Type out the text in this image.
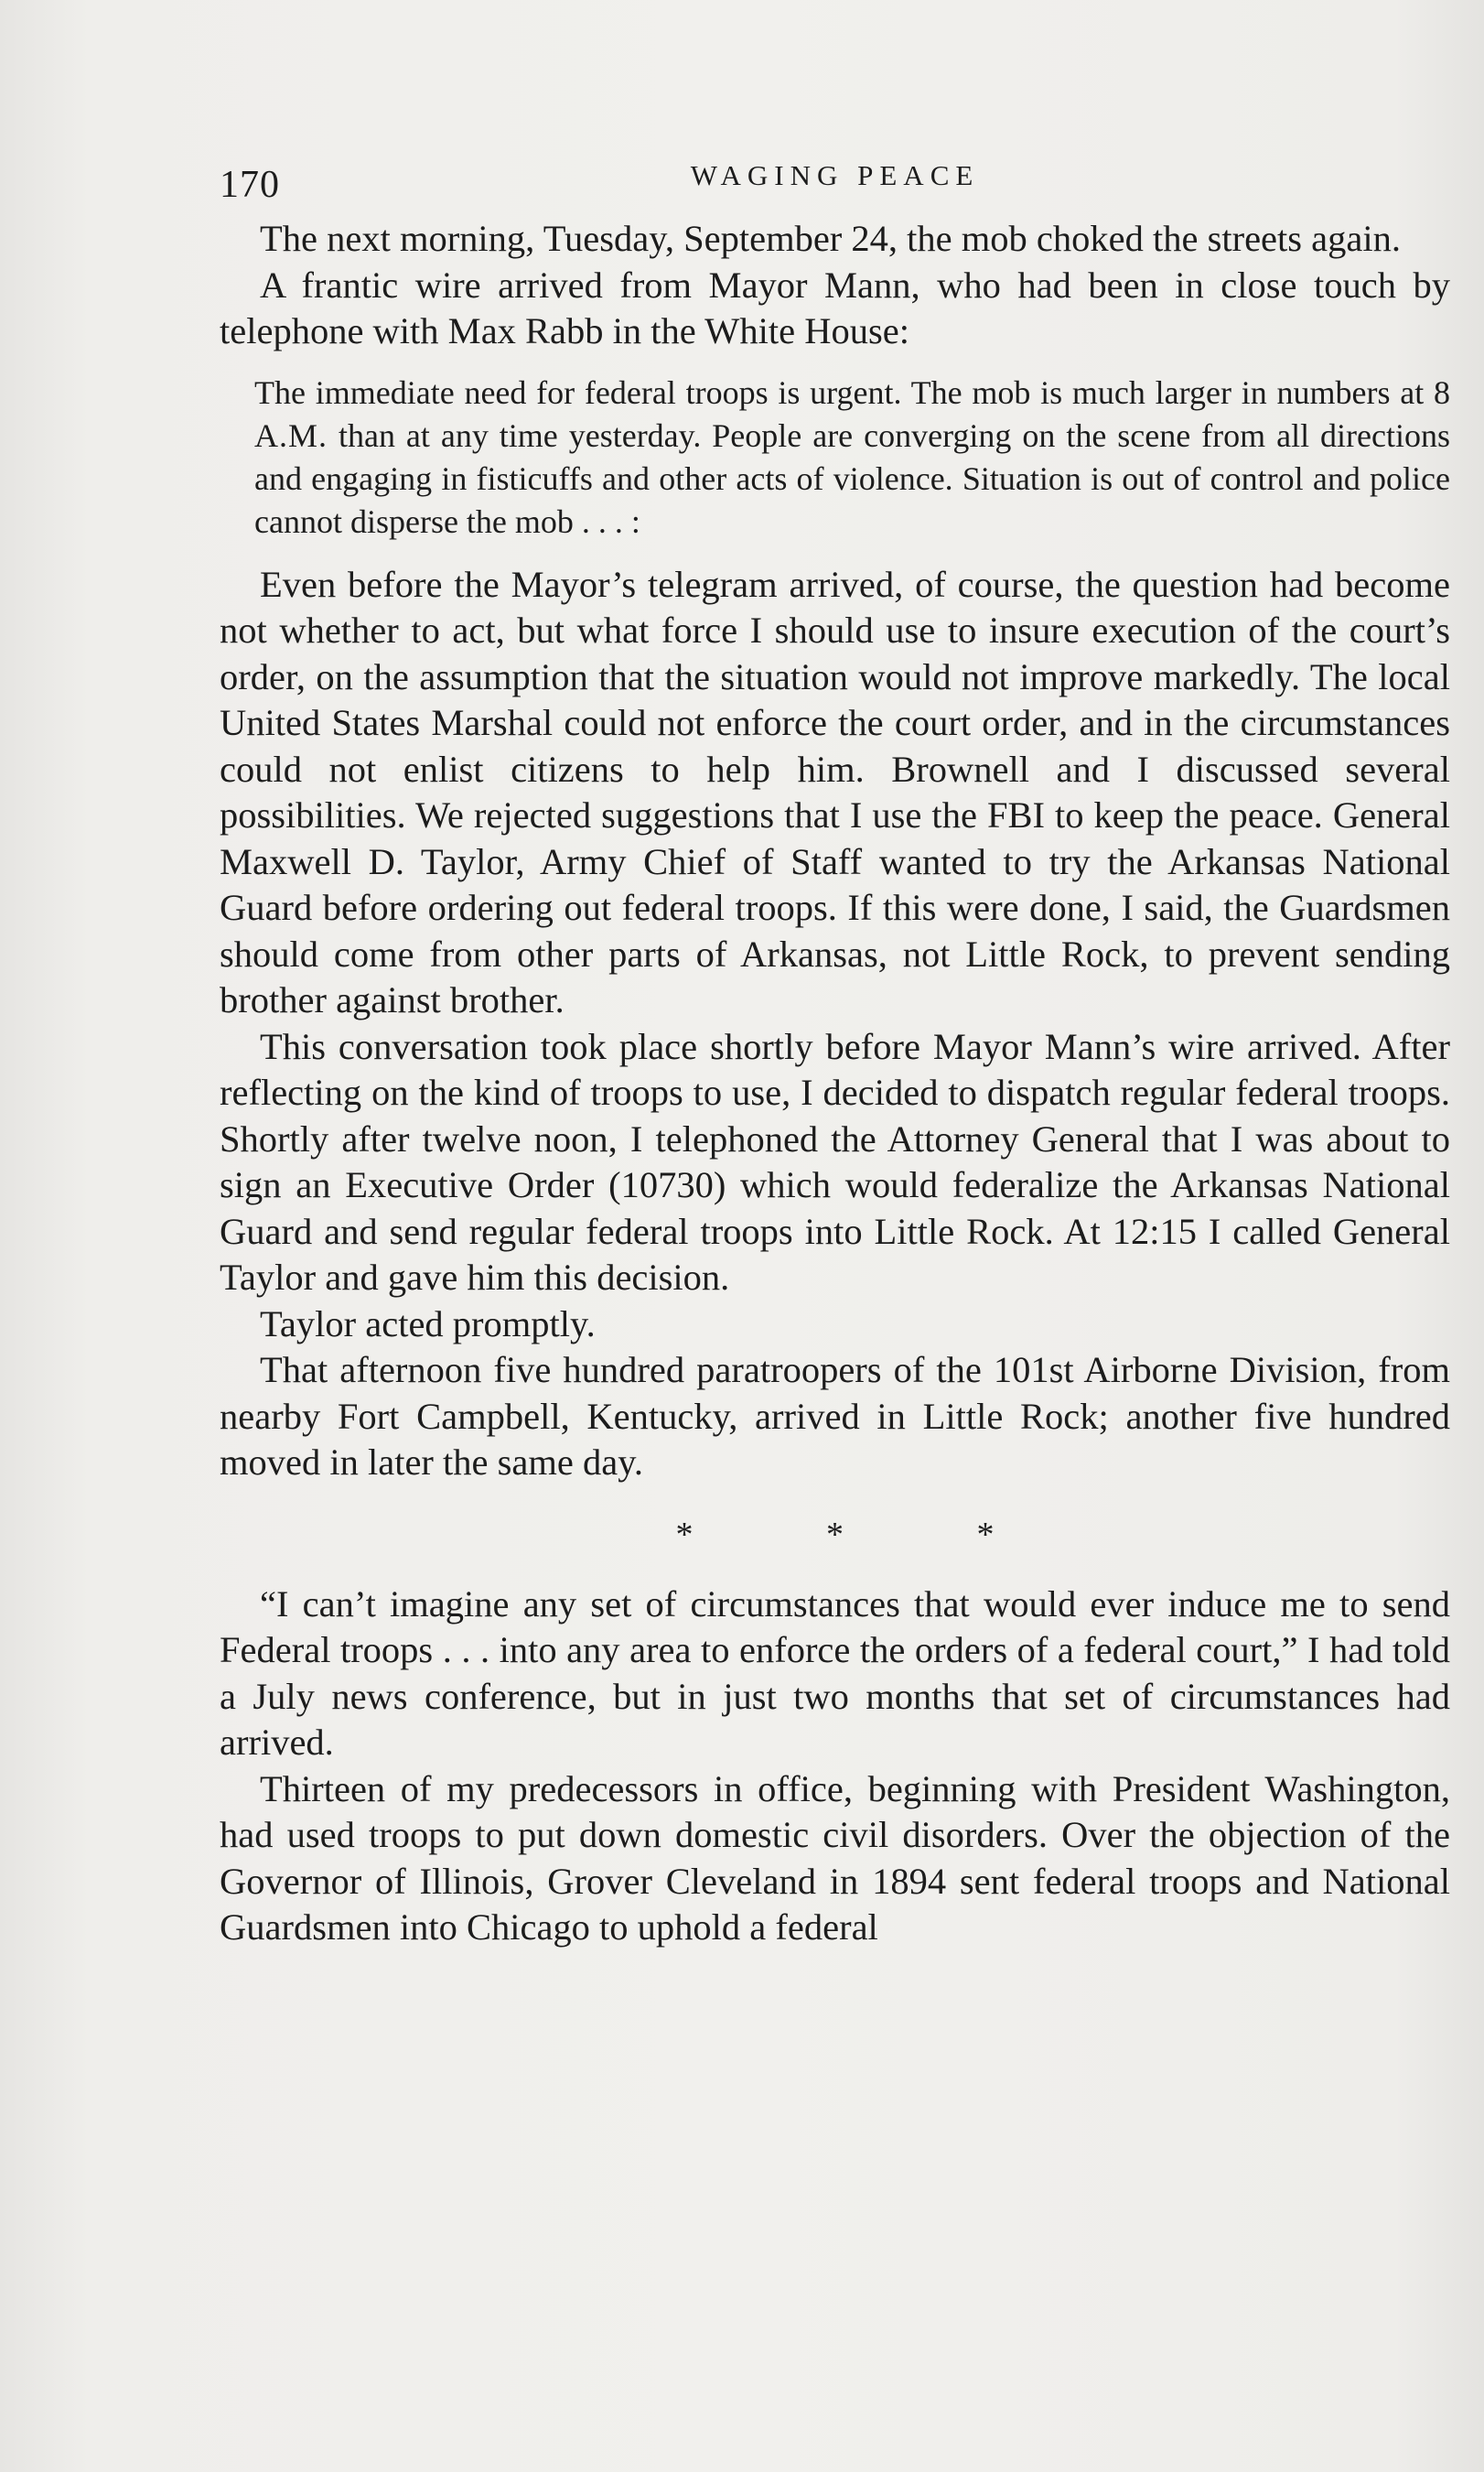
170	WAGING PEACE

The next morning, Tuesday, September 24, the mob choked the streets again.

A frantic wire arrived from Mayor Mann, who had been in close touch by telephone with Max Rabb in the White House:

The immediate need for federal troops is urgent. The mob is much larger in numbers at 8 A.M. than at any time yesterday. People are converging on the scene from all directions and engaging in fisticuffs and other acts of violence. Situation is out of control and police cannot disperse the mob . . . :

Even before the Mayor’s telegram arrived, of course, the question had become not whether to act, but what force I should use to insure execution of the court’s order, on the assumption that the situation would not improve markedly. The local United States Marshal could not enforce the court order, and in the circumstances could not enlist citizens to help him. Brownell and I discussed several possibilities. We rejected suggestions that I use the FBI to keep the peace. General Maxwell D. Taylor, Army Chief of Staff wanted to try the Arkansas National Guard before ordering out federal troops. If this were done, I said, the Guardsmen should come from other parts of Arkansas, not Little Rock, to prevent sending brother against brother.

This conversation took place shortly before Mayor Mann’s wire arrived. After reflecting on the kind of troops to use, I decided to dispatch regular federal troops. Shortly after twelve noon, I telephoned the Attorney General that I was about to sign an Executive Order (10730) which would federalize the Arkansas National Guard and send regular federal troops into Little Rock. At 12:15 I called General Taylor and gave him this decision.

Taylor acted promptly.

That afternoon five hundred paratroopers of the 101st Airborne Division, from nearby Fort Campbell, Kentucky, arrived in Little Rock; another five hundred moved in later the same day.

* * *

“I can’t imagine any set of circumstances that would ever induce me to send Federal troops . . . into any area to enforce the orders of a federal court,” I had told a July news conference, but in just two months that set of circumstances had arrived.

Thirteen of my predecessors in office, beginning with President Washington, had used troops to put down domestic civil disorders. Over the objection of the Governor of Illinois, Grover Cleveland in 1894 sent federal troops and National Guardsmen into Chicago to uphold a federal
